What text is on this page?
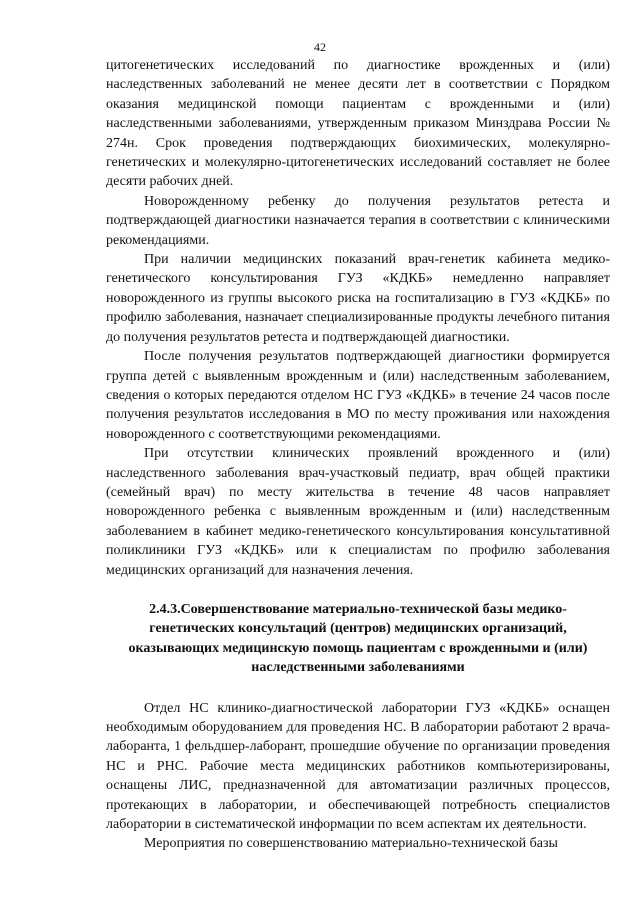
42

цитогенетических исследований по диагностике врожденных и (или) наследственных заболеваний не менее десяти лет в соответствии с Порядком оказания медицинской помощи пациентам с врожденными и (или) наследственными заболеваниями, утвержденным приказом Минздрава России № 274н. Срок проведения подтверждающих биохимических, молекулярно-генетических и молекулярно-цитогенетических исследований составляет не более десяти рабочих дней.

Новорожденному ребенку до получения результатов ретеста и подтверждающей диагностики назначается терапия в соответствии с клиническими рекомендациями.

При наличии медицинских показаний врач-генетик кабинета медико-генетического консультирования ГУЗ «КДКБ» немедленно направляет новорожденного из группы высокого риска на госпитализацию в ГУЗ «КДКБ» по профилю заболевания, назначает специализированные продукты лечебного питания до получения результатов ретеста и подтверждающей диагностики.

После получения результатов подтверждающей диагностики формируется группа детей с выявленным врожденным и (или) наследственным заболеванием, сведения о которых передаются отделом НС ГУЗ «КДКБ» в течение 24 часов после получения результатов исследования в МО по месту проживания или нахождения новорожденного с соответствующими рекомендациями.

При отсутствии клинических проявлений врожденного и (или) наследственного заболевания врач-участковый педиатр, врач общей практики (семейный врач) по месту жительства в течение 48 часов направляет новорожденного ребенка с выявленным врожденным и (или) наследственным заболеванием в кабинет медико-генетического консультирования консультативной поликлиники ГУЗ «КДКБ» или к специалистам по профилю заболевания медицинских организаций для назначения лечения.

2.4.3.Совершенствование материально-технической базы медико-генетических консультаций (центров) медицинских организаций, оказывающих медицинскую помощь пациентам с врожденными и (или) наследственными заболеваниями

Отдел НС клинико-диагностической лаборатории ГУЗ «КДКБ» оснащен необходимым оборудованием для проведения НС. В лаборатории работают 2 врача-лаборанта, 1 фельдшер-лаборант, прошедшие обучение по организации проведения НС и РНС. Рабочие места медицинских работников компьютеризированы, оснащены ЛИС, предназначенной для автоматизации различных процессов, протекающих в лаборатории, и обеспечивающей потребность специалистов лаборатории в систематической информации по всем аспектам их деятельности.

Мероприятия по совершенствованию материально-технической базы
